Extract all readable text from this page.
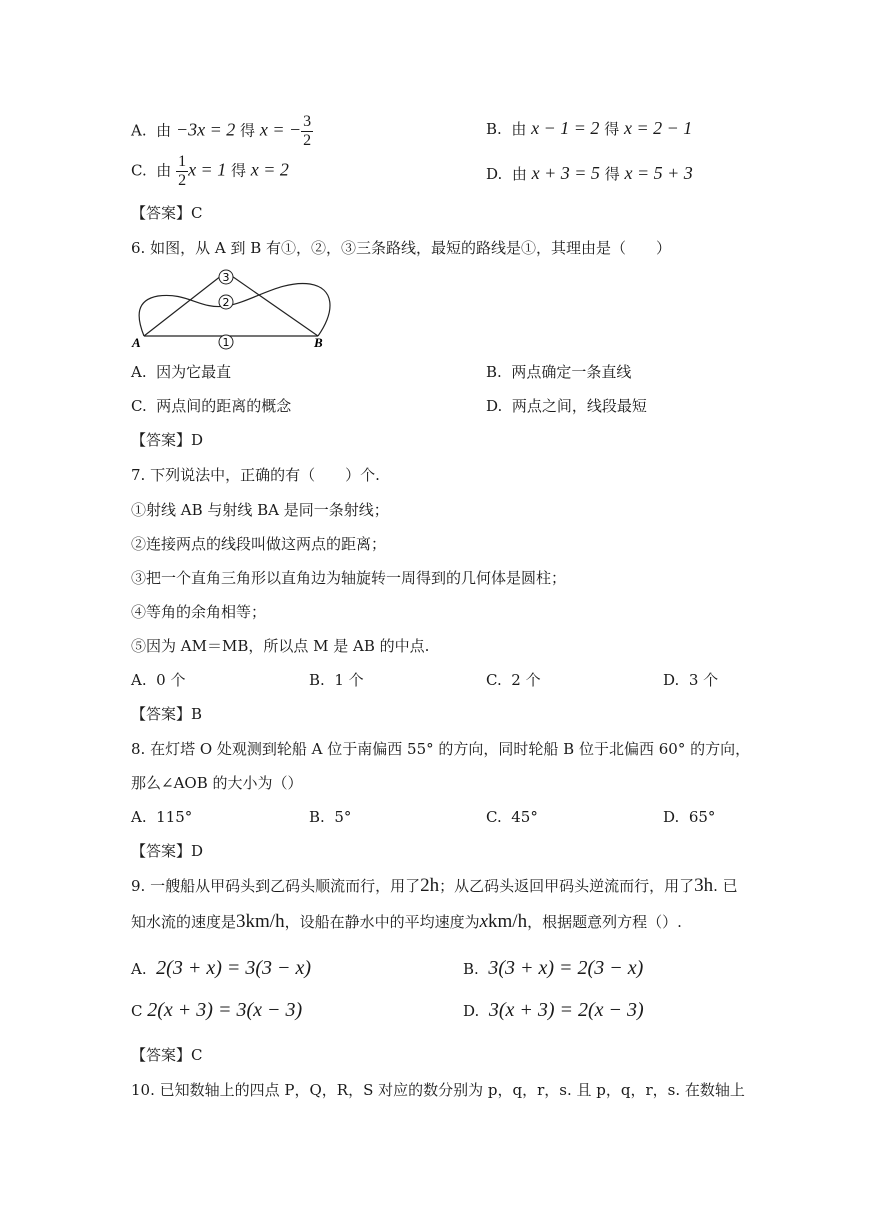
A. 由 −3x = 2 得 x = − $\frac{3}{2}$	B. 由 x − 1 = 2 得 x = 2 − 1
C. 由 $\frac{1}{2}$ x = 1 得 x = 2	D. 由 x + 3 = 5 得 x = 5 + 3
【答案】C
6. 如图，从 A 到 B 有①，②，③三条路线，最短的路线是①，其理由是（　　）
3
2
1
A	B
A. 因为它最直	B. 两点确定一条直线
C. 两点间的距离的概念	D. 两点之间，线段最短
【答案】D
7. 下列说法中，正确的有（　　）个.
①射线 AB 与射线 BA 是同一条射线；
②连接两点的线段叫做这两点的距离；
③把一个直角三角形以直角边为轴旋转一周得到的几何体是圆柱；
④等角的余角相等；
⑤因为 AM＝MB，所以点 M 是 AB 的中点.
A. 0 个	B. 1 个	C. 2 个	D. 3 个
【答案】B
8. 在灯塔 O 处观测到轮船 A 位于南偏西 55° 的方向，同时轮船 B 位于北偏西 60° 的方向，
那么∠AOB 的大小为（）
A. 115°	B. 5°	C. 45°	D. 65°
【答案】D
9. 一艘船从甲码头到乙码头顺流而行，用了2h；从乙码头返回甲码头逆流而行，用了3h. 已
知水流的速度是3km/h，设船在静水中的平均速度为xkm/h，根据题意列方程（）.
A. 2(3 + x) = 3(3 − x)	B. 3(3 + x) = 2(3 − x)
C 2(x + 3) = 3(x − 3)	D. 3(x + 3) = 2(x − 3)
【答案】C
10. 已知数轴上的四点 P，Q，R，S 对应的数分别为 p，q，r，s. 且 p，q，r，s. 在数轴上
